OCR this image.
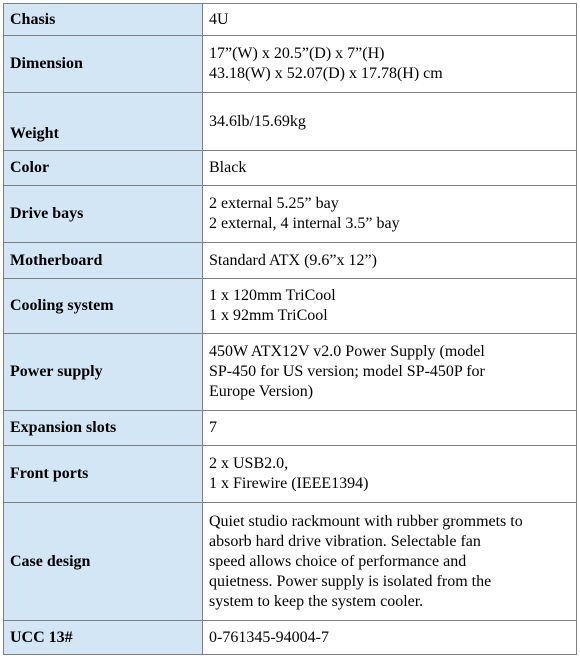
Chasis	4U

Dimension	17”(W) x 20.5”(D) x 7”(H)
43.18(W) x 52.07(D) x 17.78(H) cm

Weight	34.6lb/15.69kg

Color	Black

Drive bays	2 external 5.25” bay
2 external, 4 internal 3.5” bay

Motherboard	Standard ATX (9.6”x 12”)

Cooling system	1 x 120mm TriCool
1 x 92mm TriCool

Power supply	450W ATX12V v2.0 Power Supply (model
SP-450 for US version; model SP-450P for
Europe Version)

Expansion slots	7

Front ports	2 x USB2.0,
1 x Firewire (IEEE1394)

Case design	Quiet studio rackmount with rubber grommets to
absorb hard drive vibration. Selectable fan
speed allows choice of performance and
quietness. Power supply is isolated from the
system to keep the system cooler.

UCC 13#	0-761345-94004-7
